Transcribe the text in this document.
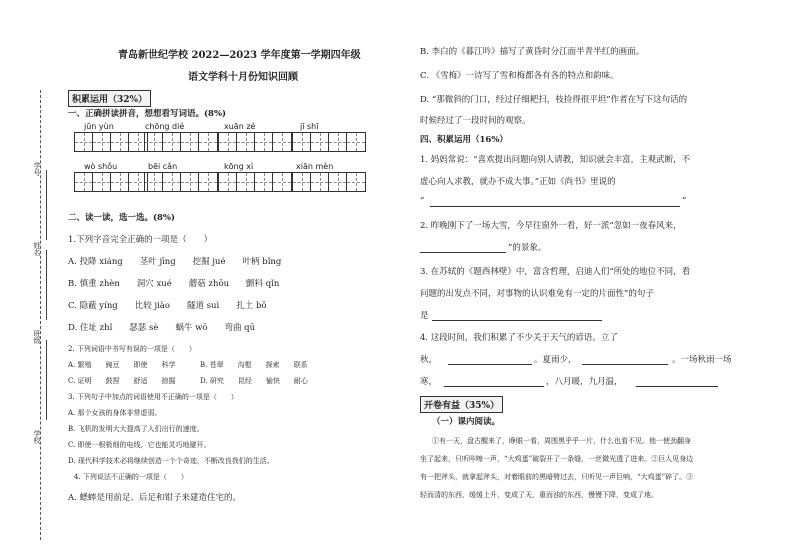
学号
姓名
班级
学校
青岛新世纪学校 2022—2023 学年度第一学期四年级
语文学科十月份知识回顾
积累运用（32%）
一、正确拼读拼音，想想看写词语。(8%)
jūn yùn	chōng dié	xuān zé	jī shī
wò shǒu	bēi cǎn	kōng xì	xiān mèn
二、读一读，选一选。(8%)
1.下列字音完全正确的一项是（　　）
A. 投降 xiáng　　茎叶 jīng　　挖掘 jué　　叶柄 bǐng
B. 慎重 zhèn　　洞穴 xué　　蘑菇 zhōu　　颤料 qǐn
C. 隐蔽 yíng　　比较 jiào　　隧道 suì　　扎土 bō
D. 住址 zhǐ　　瑟瑟 sè　　蜗牛 wō　　弯曲 qū
2. 下列词语中书写有误的一项是（　　）
A. 繁殖　　豌豆　　即使　　科学	B. 苍翠　　沟壑　　探索　　联系
C. 证明　　鼓捏　　舒适　　掠掘	D. 研究　　昆经　　愉快　　耐心
3. 下列句子中加点的词语使用不正确的一项是（　　）
A. 那个女孩的身体非常虚弱。
B. 飞机的发明大大提高了人们出行的速度。
C. 即使一根极细的电线，它也能灵巧地避开。
D. 现代科学技术必将继续创造一个个奇迹，不断改良我们的生活。
4. 下列说法不正确的一项是（　　）
A. 蟋蟀是用前足、后足和钳子来建造住宅的。
B. 李白的《暮江吟》描写了黄昏时分江面半青半红的画面。
C. 《雪梅》一诗写了雪和梅都各有各的特点和韵味。
D. “那微斜的门口，经过仔细耙扫，枝捡得很平坦”作者在写下这句话的
时候经过了一段时间的观察。
四、积累运用（16%）
1. 妈妈常说：“喜欢提出问题向别人请教，知识就会丰富，主观武断，不
虚心向人求教，就办不成大事。”正如《尚书》里说的
“	”
2. 昨晚刚下了一场大雪，今早往窗外一看，好一派“忽如一夜春风来，
”的景象。
3. 在苏轼的《题西林壁》中，富含哲理，启迪人们“所处的地位不同，看
问题的出发点不同，对事物的认识难免有一定的片面性”的句子
是
4. 这段时间，我们积累了不少关于天气的谚语。立了
秋，	。夏雨少，	。一场秋雨一场
寒，	，八月暖，九月温，
开卷有益（35%）
（一）课内阅读。
①有一天，盘古醒来了，睁眼一看，周围黑乎乎一片，什么也看不见。他一使劲翻身
坐了起来，只听咔嚓一声，“大鸡蛋”破裂开了一条缝，一丝微光透了进来。②巨人见身边
有一把斧头，就拿起斧头，对着眼前的黑暗劈过去，只听见一声巨响，“大鸡蛋”碎了。③
轻而清的东西，缓缓上升，变成了天，重而浊的东西，慢慢下降，变成了地。
